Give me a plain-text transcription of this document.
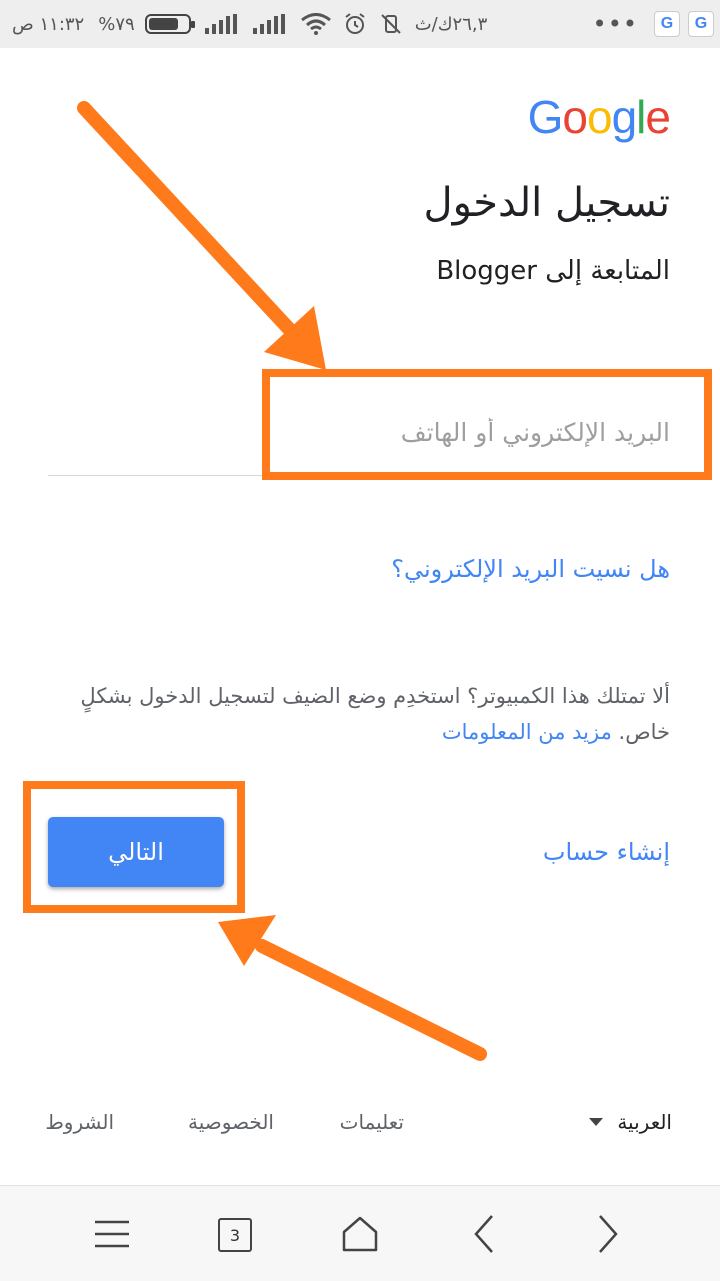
١١:٣٢ ص %٧٩	٢٦,٣ك/ث	•••	G	G
Google
تسجيل الدخول
المتابعة إلى Blogger
البريد الإلكتروني أو الهاتف
هل نسيت البريد الإلكتروني؟
ألا تمتلك هذا الكمبيوتر؟ استخدِم وضع الضيف لتسجيل الدخول بشكلٍ خاص. مزيد من المعلومات
إنشاء حساب
التالي
العربية
تعليمات
الخصوصية
الشروط
3
